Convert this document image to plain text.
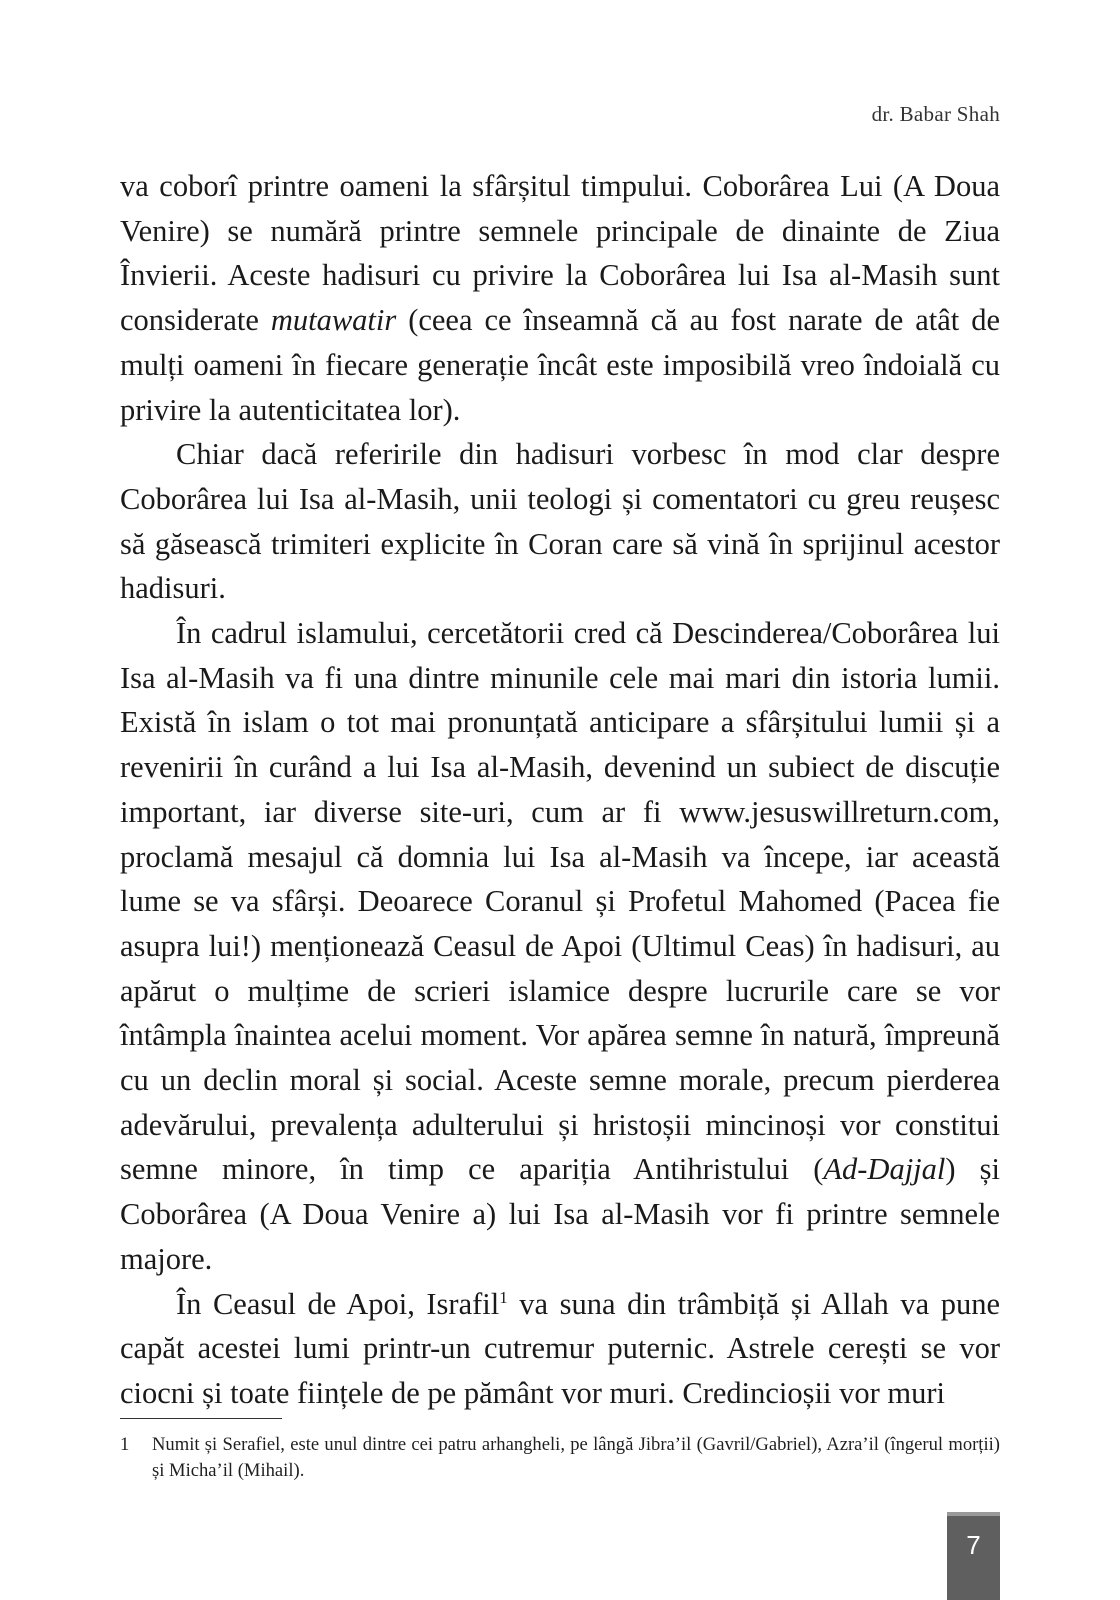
dr. Babar Shah

va coborî printre oameni la sfârșitul timpului. Coborârea Lui (A Doua Venire) se numără printre semnele principale de dinainte de Ziua Învierii. Aceste hadisuri cu privire la Coborârea lui Isa al-Masih sunt considerate mutawatir (ceea ce înseamnă că au fost narate de atât de mulți oameni în fiecare generație încât este imposibilă vreo îndoială cu privire la autenticitatea lor).

Chiar dacă referirile din hadisuri vorbesc în mod clar despre Coborârea lui Isa al-Masih, unii teologi și comentatori cu greu reușesc să găsească trimiteri explicite în Coran care să vină în sprijinul acestor hadisuri.

În cadrul islamului, cercetătorii cred că Descinderea/Coborârea lui Isa al-Masih va fi una dintre minunile cele mai mari din istoria lumii. Există în islam o tot mai pronunțată anticipare a sfârșitului lumii și a revenirii în curând a lui Isa al-Masih, devenind un subiect de discuție important, iar diverse site-uri, cum ar fi www.jesuswillreturn.com, proclamă mesajul că domnia lui Isa al-Masih va începe, iar această lume se va sfârși. Deoarece Coranul și Profetul Mahomed (Pacea fie asupra lui!) menționează Ceasul de Apoi (Ultimul Ceas) în hadisuri, au apărut o mulțime de scrieri islamice despre lucrurile care se vor întâmpla înaintea acelui moment. Vor apărea semne în natură, împreună cu un declin moral și social. Aceste semne morale, precum pierderea adevărului, prevalența adulterului și hristoșii mincinoși vor constitui semne minore, în timp ce apariția Antihristului (Ad-Dajjal) și Coborârea (A Doua Venire a) lui Isa al-Masih vor fi printre semnele majore.

În Ceasul de Apoi, Israfil$^1$ va suna din trâmbiță și Allah va pune capăt acestei lumi printr-un cutremur puternic. Astrele cerești se vor ciocni și toate ființele de pe pământ vor muri. Credincioșii vor muri

1 Numit și Serafiel, este unul dintre cei patru arhangheli, pe lângă Jibra’il (Gavril/Gabriel), Azra’il (îngerul morții) și Micha’il (Mihail).
7
